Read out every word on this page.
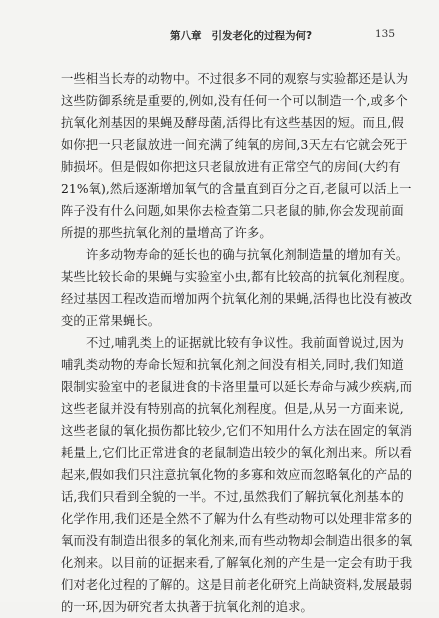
第八章 引发老化的过程为何?	135
一些相当长寿的动物中。不过很多不同的观察与实验都还是认为
这些防御系统是重要的,例如,没有任何一个可以制造一个,或多个
抗氧化剂基因的果蝇及酵母菌,活得比有这些基因的短。而且,假
如你把一只老鼠放进一间充满了纯氧的房间,3天左右它就会死于
肺损坏。但是假如你把这只老鼠放进有正常空气的房间(大约有
21%氧),然后逐渐增加氧气的含量直到百分之百,老鼠可以活上一
阵子没有什么问题,如果你去检查第二只老鼠的肺,你会发现前面
所提的那些抗氧化剂的量增高了许多。
许多动物寿命的延长也的确与抗氧化剂制造量的增加有关。
某些比较长命的果蝇与实验室小虫,都有比较高的抗氧化剂程度。
经过基因工程改造而增加两个抗氧化剂的果蝇,活得也比没有被改
变的正常果蝇长。
不过,哺乳类上的证据就比较有争议性。我前面曾说过,因为
哺乳类动物的寿命长短和抗氧化剂之间没有相关,同时,我们知道
限制实验室中的老鼠进食的卡洛里量可以延长寿命与减少疾病,而
这些老鼠并没有特别高的抗氧化剂程度。但是,从另一方面来说,
这些老鼠的氧化损伤都比较少,它们不知用什么方法在固定的氧消
耗量上,它们比正常进食的老鼠制造出较少的氧化剂出来。所以看
起来,假如我们只注意抗氧化物的多寡和效应而忽略氧化的产品的
话,我们只看到全貌的一半。不过,虽然我们了解抗氧化剂基本的
化学作用,我们还是全然不了解为什么有些动物可以处理非常多的
氧而没有制造出很多的氧化剂来,而有些动物却会制造出很多的氧
化剂来。以目前的证据来看,了解氧化剂的产生是一定会有助于我
们对老化过程的了解的。这是目前老化研究上尚缺资料,发展最弱
的一环,因为研究者太执著于抗氧化剂的追求。
